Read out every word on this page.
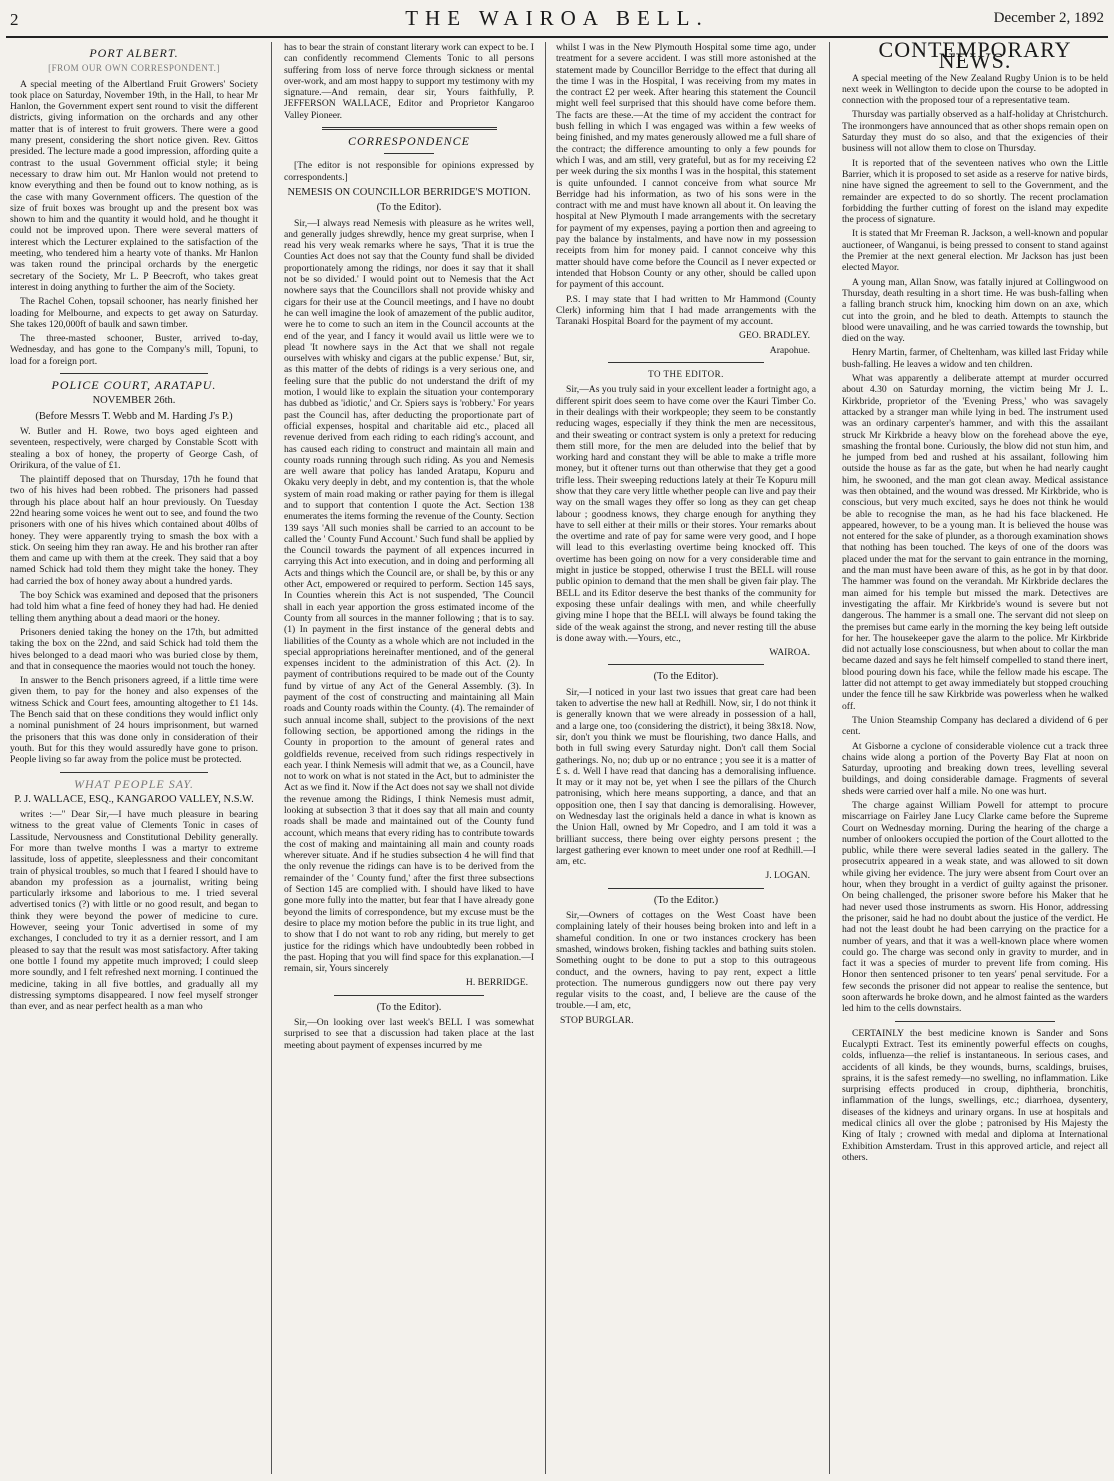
2	THE WAIROA BELL.	December 2, 1892
PORT ALBERT.
[FROM OUR OWN CORRESPONDENT.]

A special meeting of the Albertland Fruit Growers' Society took place on Saturday, November 19th, in the Hall, to hear Mr Hanlon, the Government expert sent round to visit the different districts, giving information on the orchards and any other matter that is of interest to fruit growers. There were a good many present, considering the short notice given. Rev. Gittos presided. The lecture made a good impression, affording quite a contrast to the usual Government official style; it being necessary to draw him out. Mr Hanlon would not pretend to know everything and then be found out to know nothing, as is the case with many Government officers. The question of the size of fruit boxes was brought up and the present box was shown to him and the quantity it would hold, and he thought it could not be improved upon. There were several matters of interest which the Lecturer explained to the satisfaction of the meeting, who tendered him a hearty vote of thanks. Mr Hanlon was taken round the principal orchards by the energetic secretary of the Society, Mr L. P Beecroft, who takes great interest in doing anything to further the aim of the Society.

The Rachel Cohen, topsail schooner, has nearly finished her loading for Melbourne, and expects to get away on Saturday. She takes 120,000ft of baulk and sawn timber.

The three-masted schooner, Buster, arrived to-day, Wednesday, and has gone to the Company's mill, Topuni, to load for a foreign port.

POLICE COURT, ARATAPU.
NOVEMBER 26th.
(Before Messrs T. Webb and M. Harding J's P.)

W. Butler and H. Rowe, two boys aged eighteen and seventeen, respectively, were charged by Constable Scott with stealing a box of honey, the property of George Cash, of Oririkura, of the value of £1.

The plaintiff deposed that on Thursday, 17th he found that two of his hives had been robbed. The prisoners had passed through his place about half an hour previously. On Tuesday 22nd hearing some voices he went out to see, and found the two prisoners with one of his hives which contained about 40lbs of honey. They were apparently trying to smash the box with a stick. On seeing him they ran away. He and his brother ran after them and came up with them at the creek. They said that a boy named Schick had told them they might take the honey. They had carried the box of honey away about a hundred yards.

The boy Schick was examined and deposed that the prisoners had told him what a fine feed of honey they had had. He denied telling them anything about a dead maori or the honey.

Prisoners denied taking the honey on the 17th, but admitted taking the box on the 22nd, and said Schick had told them the hives belonged to a dead maori who was buried close by them, and that in consequence the maories would not touch the honey.

In answer to the Bench prisoners agreed, if a little time were given them, to pay for the honey and also expenses of the witness Schick and Court fees, amounting altogether to £1 14s. The Bench said that on these conditions they would inflict only a nominal punishment of 24 hours imprisonment, but warned the prisoners that this was done only in consideration of their youth. But for this they would assuredly have gone to prison. People living so far away from the police must be protected.

WHAT PEOPLE SAY.
P. J. WALLACE, ESQ., KANGAROO VALLEY, N.S.W.

writes :—" Dear Sir,—I have much pleasure in bearing witness to the great value of Clements Tonic in cases of Lassitude, Nervousness and Constitutional Debility generally. For more than twelve months I was a martyr to extreme lassitude, loss of appetite, sleeplessness and their concomitant train of physical troubles, so much that I feared I should have to abandon my profession as a journalist, writing being particularly irksome and laborious to me. I tried several advertised tonics (?) with little or no good result, and began to think they were beyond the power of medicine to cure. However, seeing your Tonic advertised in some of my exchanges, I concluded to try it as a dernier ressort, and I am pleased to say that the result was most satisfactory. After taking one bottle I found my appetite much improved; I could sleep more soundly, and I felt refreshed next morning. I continued the medicine, taking in all five bottles, and gradually all my distressing symptoms disappeared. I now feel myself stronger than ever, and as near perfect health as a man who

has to bear the strain of constant literary work can expect to be. I can confidently recommend Clements Tonic to all persons suffering from loss of nerve force through sickness or mental over-work, and am most happy to support my testimony with my signature.—And remain, dear sir, Yours faithfully, P. JEFFERSON WALLACE, Editor and Proprietor Kangaroo Valley Pioneer.

CORRESPONDENCE

[The editor is not responsible for opinions expressed by correspondents.]

NEMESIS ON COUNCILLOR BERRIDGE'S MOTION.
(To the Editor).

Sir,—I always read Nemesis with pleasure as he writes well, and generally judges shrewdly, hence my great surprise, when I read his very weak remarks where he says, 'That it is true the Counties Act does not say that the County fund shall be divided proportionately among the ridings, nor does it say that it shall not be so divided.' I would point out to Nemesis that the Act nowhere says that the Councillors shall not provide whisky and cigars for their use at the Council meetings, and I have no doubt he can well imagine the look of amazement of the public auditor, were he to come to such an item in the Council accounts at the end of the year, and I fancy it would avail us little were we to plead 'It nowhere says in the Act that we shall not regale ourselves with whisky and cigars at the public expense.' But, sir, as this matter of the debts of ridings is a very serious one, and feeling sure that the public do not understand the drift of my motion, I would like to explain the situation your contemporary has dubbed as 'idiotic,' and Cr. Spiers says is 'robbery.' For years past the Council has, after deducting the proportionate part of official expenses, hospital and charitable aid etc., placed all revenue derived from each riding to each riding's account, and has caused each riding to construct and maintain all main and county roads running through such riding. As you and Nemesis are well aware that policy has landed Aratapu, Kopuru and Okaku very deeply in debt, and my contention is, that the whole system of main road making or rather paying for them is illegal and to support that contention I quote the Act. Section 138 enumerates the items forming the revenue of the County. Section 139 says 'All such monies shall be carried to an account to be called the ' County Fund Account.' Such fund shall be applied by the Council towards the payment of all expences incurred in carrying this Act into execution, and in doing and performing all Acts and things which the Council are, or shall be, by this or any other Act, empowered or required to perform. Section 145 says, In Counties wherein this Act is not suspended, 'The Council shall in each year apportion the gross estimated income of the County from all sources in the manner following ; that is to say. (1) In payment in the first instance of the general debts and liabilities of the County as a whole which are not included in the special appropriations hereinafter mentioned, and of the general expenses incident to the administration of this Act. (2). In payment of contributions required to be made out of the County fund by virtue of any Act of the General Assembly. (3). In payment of the cost of constructing and maintaining all Main roads and County roads within the County. (4). The remainder of such annual income shall, subject to the provisions of the next following section, be apportioned among the ridings in the County in proportion to the amount of general rates and goldfields revenue, received from such ridings respectively in each year. I think Nemesis will admit that we, as a Council, have not to work on what is not stated in the Act, but to administer the Act as we find it. Now if the Act does not say we shall not divide the revenue among the Ridings, I think Nemesis must admit, looking at subsection 3 that it does say that all main and county roads shall be made and maintained out of the County fund account, which means that every riding has to contribute towards the cost of making and maintaining all main and county roads wherever situate. And if he studies subsection 4 he will find that the only revenue the ridings can have is to be derived from the remainder of the ' County fund,' after the first three subsections of Section 145 are complied with. I should have liked to have gone more fully into the matter, but fear that I have already gone beyond the limits of correspondence, but my excuse must be the desire to place my motion before the public in its true light, and to show that I do not want to rob any riding, but merely to get justice for the ridings which have undoubtedly been robbed in the past. Hoping that you will find space for this explanation.—I remain, sir, Yours sincerely

H. BERRIDGE.
(To the Editor).

Sir,—On looking over last week's BELL I was somewhat surprised to see that a discussion had taken place at the last meeting about payment of expenses incurred by me

whilst I was in the New Plymouth Hospital some time ago, under treatment for a severe accident. I was still more astonished at the statement made by Councillor Berridge to the effect that during all the time I was in the Hospital, I was receiving from my mates in the contract £2 per week. After hearing this statement the Council might well feel surprised that this should have come before them. The facts are these.—At the time of my accident the contract for bush felling in which I was engaged was within a few weeks of being finished, and my mates generously allowed me a full share of the contract; the difference amounting to only a few pounds for which I was, and am still, very grateful, but as for my receiving £2 per week during the six months I was in the hospital, this statement is quite unfounded. I cannot conceive from what source Mr Berridge had his information, as two of his sons were in the contract with me and must have known all about it. On leaving the hospital at New Plymouth I made arrangements with the secretary for payment of my expenses, paying a portion then and agreeing to pay the balance by instalments, and have now in my possession receipts from him for money paid. I cannot conceive why this matter should have come before the Council as I never expected or intended that Hobson County or any other, should be called upon for payment of this account.

P.S. I may state that I had written to Mr Hammond (County Clerk) informing him that I had made arrangements with the Taranaki Hospital Board for the payment of my account.

GEO. BRADLEY.
Arapohue.
TO THE EDITOR.

Sir,—As you truly said in your excellent leader a fortnight ago, a different spirit does seem to have come over the Kauri Timber Co. in their dealings with their workpeople; they seem to be constantly reducing wages, especially if they think the men are necessitous, and their sweating or contract system is only a pretext for reducing them still more, for the men are deluded into the belief that by working hard and constant they will be able to make a trifle more money, but it oftener turns out than otherwise that they get a good trifle less. Their sweeping reductions lately at their Te Kopuru mill show that they care very little whether people can live and pay their way on the small wages they offer so long as they can get cheap labour ; goodness knows, they charge enough for anything they have to sell either at their mills or their stores. Your remarks about the overtime and rate of pay for same were very good, and I hope will lead to this everlasting overtime being knocked off. This overtime has been going on now for a very considerable time and might in justice be stopped, otherwise I trust the BELL will rouse public opinion to demand that the men shall be given fair play. The BELL and its Editor deserve the best thanks of the community for exposing these unfair dealings with men, and while cheerfully giving mine I hope that the BELL will always be found taking the side of the weak against the strong, and never resting till the abuse is done away with.—Yours, etc.,

WAIROA.
(To the Editor).

Sir,—I noticed in your last two issues that great care had been taken to advertise the new hall at Redhill. Now, sir, I do not think it is generally known that we were already in possession of a hall, and a large one, too (considering the district), it being 38x18. Now, sir, don't you think we must be flourishing, two dance Halls, and both in full swing every Saturday night. Don't call them Social gatherings. No, no; dub up or no entrance ; you see it is a matter of £ s. d. Well I have read that dancing has a demoralising influence. It may or it may not be, yet when I see the pillars of the Church patronising, which here means supporting, a dance, and that an opposition one, then I say that dancing is demoralising. However, on Wednesday last the originals held a dance in what is known as the Union Hall, owned by Mr Copedro, and I am told it was a brilliant success, there being over eighty persons present ; the largest gathering ever known to meet under one roof at Redhill.—I am, etc.

J. LOGAN.
(To the Editor.)

Sir,—Owners of cottages on the West Coast have been complaining lately of their houses being broken into and left in a shameful condition. In one or two instances crockery has been smashed, windows broken, fishing tackles and bathing suits stolen. Something ought to be done to put a stop to this outrageous conduct, and the owners, having to pay rent, expect a little protection. The numerous gundiggers now out there pay very regular visits to the coast, and, I believe are the cause of the trouble.—I am, etc,

STOP BURGLAR.
CONTEMPORARY NEWS.

A special meeting of the New Zealand Rugby Union is to be held next week in Wellington to decide upon the course to be adopted in connection with the proposed tour of a representative team.

Thursday was partially observed as a half-holiday at Christchurch. The ironmongers have announced that as other shops remain open on Saturday they must do so also, and that the exigencies of their business will not allow them to close on Thursday.

It is reported that of the seventeen natives who own the Little Barrier, which it is proposed to set aside as a reserve for native birds, nine have signed the agreement to sell to the Government, and the remainder are expected to do so shortly. The recent proclamation forbidding the further cutting of forest on the island may expedite the process of signature.

It is stated that Mr Freeman R. Jackson, a well-known and popular auctioneer, of Wanganui, is being pressed to consent to stand against the Premier at the next general election. Mr Jackson has just been elected Mayor.

A young man, Allan Snow, was fatally injured at Collingwood on Thursday, death resulting in a short time. He was bush-falling when a falling branch struck him, knocking him down on an axe, which cut into the groin, and he bled to death. Attempts to staunch the blood were unavailing, and he was carried towards the township, but died on the way.

Henry Martin, farmer, of Cheltenham, was killed last Friday while bush-falling. He leaves a widow and ten children.

What was apparently a deliberate attempt at murder occurred about 4.30 on Saturday morning, the victim being Mr J. L. Kirkbride, proprietor of the 'Evening Press,' who was savagely attacked by a stranger man while lying in bed. The instrument used was an ordinary carpenter's hammer, and with this the assailant struck Mr Kirkbride a heavy blow on the forehead above the eye, smashing the frontal bone. Curiously, the blow did not stun him, and he jumped from bed and rushed at his assailant, following him outside the house as far as the gate, but when he had nearly caught him, he swooned, and the man got clean away. Medical assistance was then obtained, and the wound was dressed. Mr Kirkbride, who is conscious, but very much excited, says he does not think he would be able to recognise the man, as he had his face blackened. He appeared, however, to be a young man. It is believed the house was not entered for the sake of plunder, as a thorough examination shows that nothing has been touched. The keys of one of the doors was placed under the mat for the servant to gain entrance in the morning, and the man must have been aware of this, as he got in by that door. The hammer was found on the verandah. Mr Kirkbride declares the man aimed for his temple but missed the mark. Detectives are investigating the affair. Mr Kirkbride's wound is severe but not dangerous. The hammer is a small one. The servant did not sleep on the premises but came early in the morning the key being left outside for her. The housekeeper gave the alarm to the police. Mr Kirkbride did not actually lose consciousness, but when about to collar the man became dazed and says he felt himself compelled to stand there inert, blood pouring down his face, while the fellow made his escape. The latter did not attempt to get away immediately but stopped crouching under the fence till he saw Kirkbride was powerless when he walked off.

The Union Steamship Company has declared a dividend of 6 per cent.

At Gisborne a cyclone of considerable violence cut a track three chains wide along a portion of the Poverty Bay Flat at noon on Saturday, uprooting and breaking down trees, levelling several buildings, and doing considerable damage. Fragments of several sheds were carried over half a mile. No one was hurt.

The charge against William Powell for attempt to procure miscarriage on Fairley Jane Lucy Clarke came before the Supreme Court on Wednesday morning. During the hearing of the charge a number of onlookers occupied the portion of the Court allotted to the public, while there were several ladies seated in the gallery. The prosecutrix appeared in a weak state, and was allowed to sit down while giving her evidence. The jury were absent from Court over an hour, when they brought in a verdict of guilty against the prisoner. On being challenged, the prisoner swore before his Maker that he had never used those instruments as sworn. His Honor, addressing the prisoner, said he had no doubt about the justice of the verdict. He had not the least doubt he had been carrying on the practice for a number of years, and that it was a well-known place where women could go. The charge was second only in gravity to murder, and in fact it was a species of murder to prevent life from coming. His Honor then sentenced prisoner to ten years' penal servitude. For a few seconds the prisoner did not appear to realise the sentence, but soon afterwards he broke down, and he almost fainted as the warders led him to the cells downstairs.

CERTAINLY the best medicine known is Sander and Sons Eucalypti Extract. Test its eminently powerful effects on coughs, colds, influenza—the relief is instantaneous. In serious cases, and accidents of all kinds, be they wounds, burns, scaldings, bruises, sprains, it is the safest remedy—no swelling, no inflammation. Like surprising effects produced in croup, diphtheria, bronchitis, inflammation of the lungs, swellings, etc.; diarrhoea, dysentery, diseases of the kidneys and urinary organs. In use at hospitals and medical clinics all over the globe ; patronised by His Majesty the King of Italy ; crowned with medal and diploma at International Exhibition Amsterdam. Trust in this approved article, and reject all others.
